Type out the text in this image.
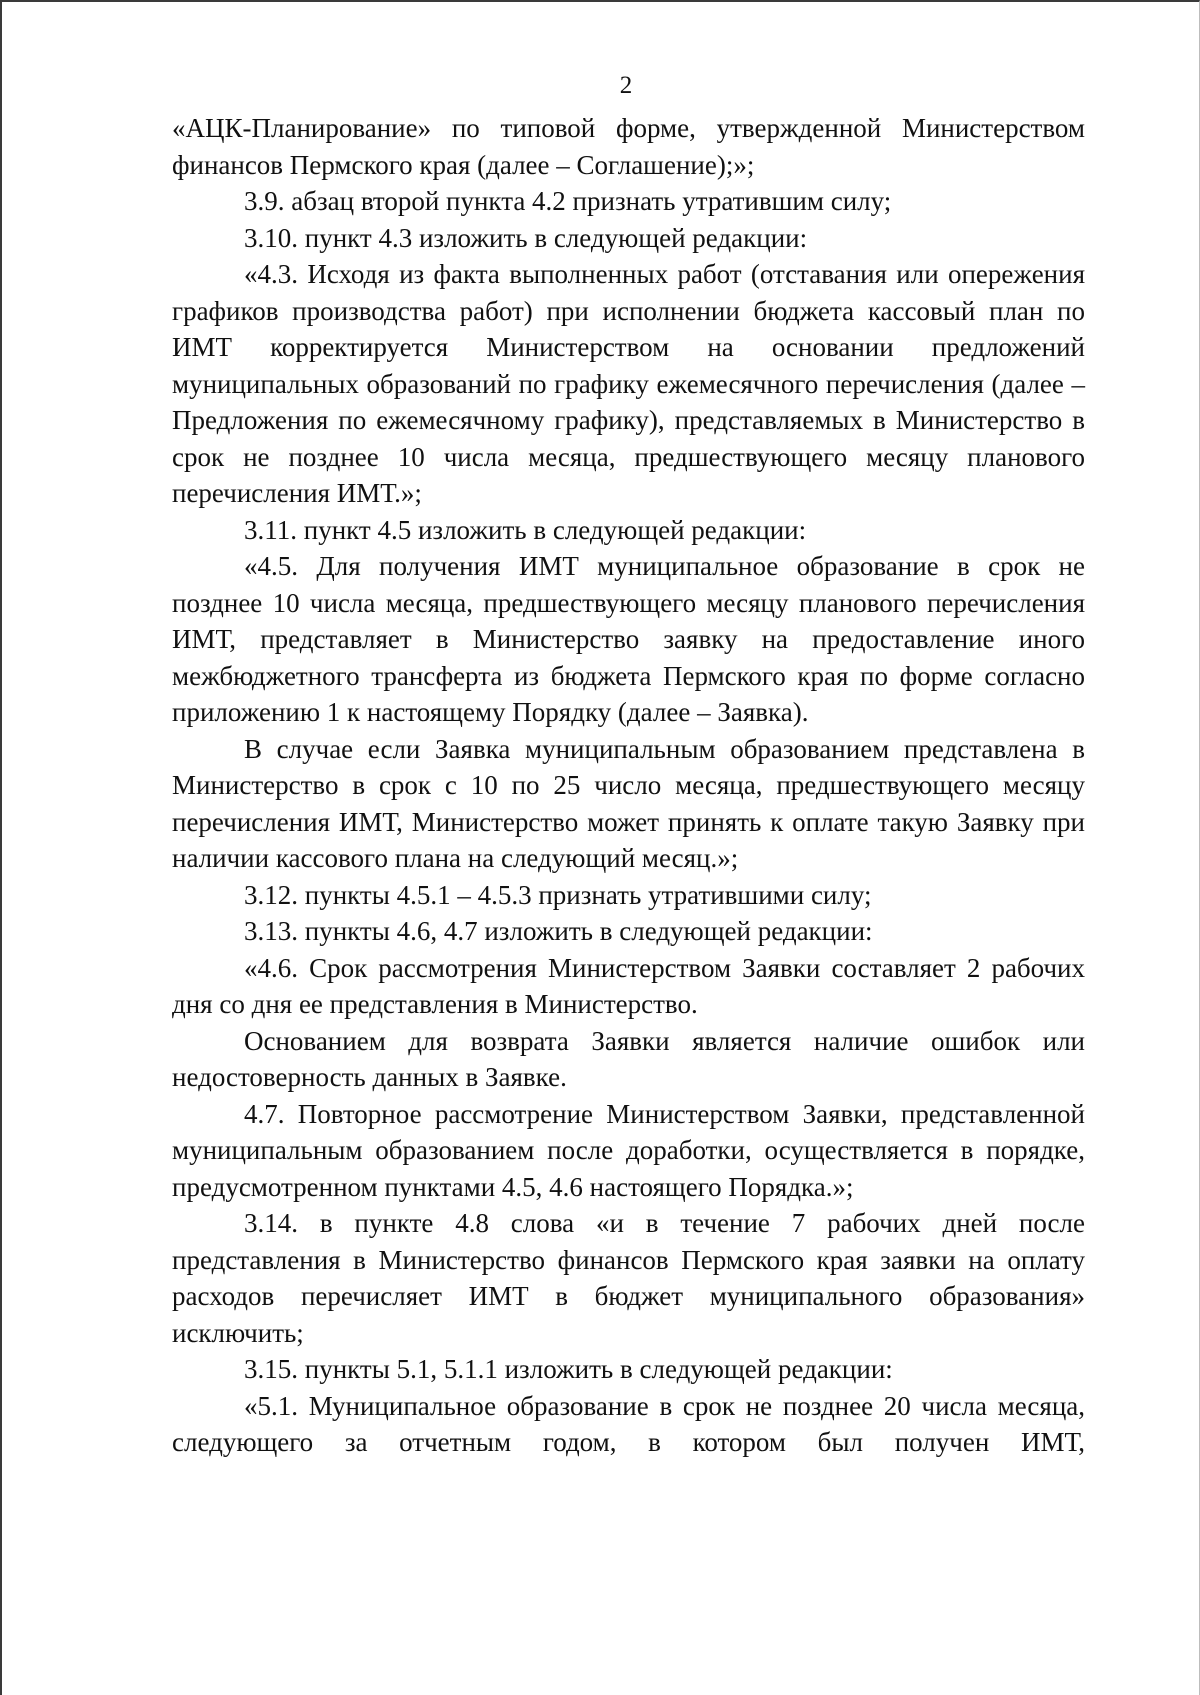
2

«АЦК-Планирование» по типовой форме, утвержденной Министерством финансов Пермского края (далее – Соглашение);»;

3.9. абзац второй пункта 4.2 признать утратившим силу;

3.10. пункт 4.3 изложить в следующей редакции:

«4.3. Исходя из факта выполненных работ (отставания или опережения графиков производства работ) при исполнении бюджета кассовый план по ИМТ корректируется Министерством на основании предложений муниципальных образований по графику ежемесячного перечисления (далее – Предложения по ежемесячному графику), представляемых в Министерство в срок не позднее 10 числа месяца, предшествующего месяцу планового перечисления ИМТ.»;

3.11. пункт 4.5 изложить в следующей редакции:

«4.5. Для получения ИМТ муниципальное образование в срок не позднее 10 числа месяца, предшествующего месяцу планового перечисления ИМТ, представляет в Министерство заявку на предоставление иного межбюджетного трансферта из бюджета Пермского края по форме согласно приложению 1 к настоящему Порядку (далее – Заявка).

В случае если Заявка муниципальным образованием представлена в Министерство в срок с 10 по 25 число месяца, предшествующего месяцу перечисления ИМТ, Министерство может принять к оплате такую Заявку при наличии кассового плана на следующий месяц.»;

3.12. пункты 4.5.1 – 4.5.3 признать утратившими силу;

3.13. пункты 4.6, 4.7 изложить в следующей редакции:

«4.6. Срок рассмотрения Министерством Заявки составляет 2 рабочих дня со дня ее представления в Министерство.

Основанием для возврата Заявки является наличие ошибок или недостоверность данных в Заявке.

4.7. Повторное рассмотрение Министерством Заявки, представленной муниципальным образованием после доработки, осуществляется в порядке, предусмотренном пунктами 4.5, 4.6 настоящего Порядка.»;

3.14. в пункте 4.8 слова «и в течение 7 рабочих дней после представления в Министерство финансов Пермского края заявки на оплату расходов перечисляет ИМТ в бюджет муниципального образования» исключить;

3.15. пункты 5.1, 5.1.1 изложить в следующей редакции:

«5.1. Муниципальное образование в срок не позднее 20 числа месяца, следующего за отчетным годом, в котором был получен ИМТ,
